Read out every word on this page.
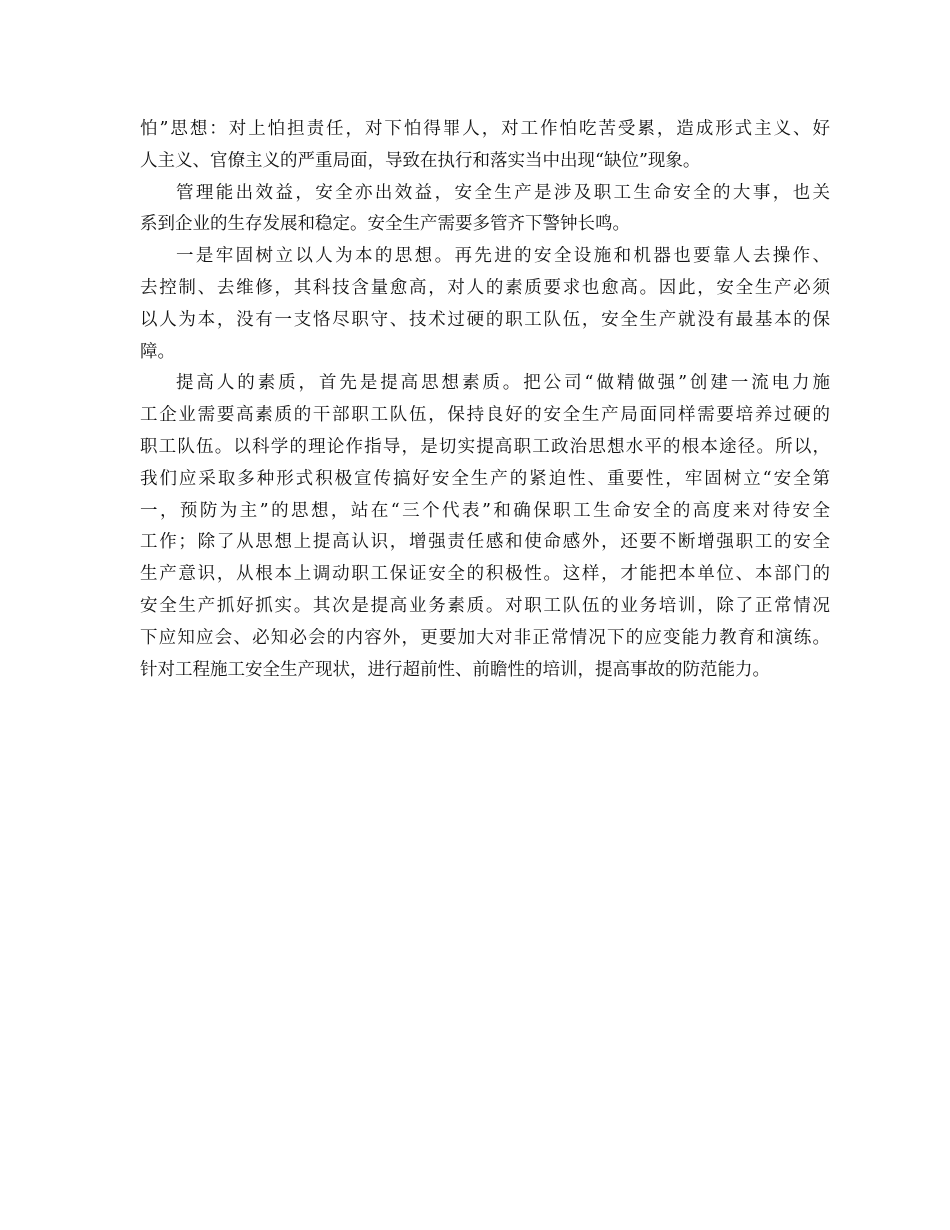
怕”思想：对上怕担责任，对下怕得罪人，对工作怕吃苦受累，造成形式主义、好
人主义、官僚主义的严重局面，导致在执行和落实当中出现“缺位”现象。
管理能出效益，安全亦出效益，安全生产是涉及职工生命安全的大事，也关
系到企业的生存发展和稳定。安全生产需要多管齐下警钟长鸣。
一是牢固树立以人为本的思想。再先进的安全设施和机器也要靠人去操作、
去控制、去维修，其科技含量愈高，对人的素质要求也愈高。因此，安全生产必须
以人为本，没有一支恪尽职守、技术过硬的职工队伍，安全生产就没有最基本的保
障。
提高人的素质，首先是提高思想素质。把公司“做精做强”创建一流电力施
工企业需要高素质的干部职工队伍，保持良好的安全生产局面同样需要培养过硬的
职工队伍。以科学的理论作指导，是切实提高职工政治思想水平的根本途径。所以，
我们应采取多种形式积极宣传搞好安全生产的紧迫性、重要性，牢固树立“安全第
一，预防为主”的思想，站在“三个代表”和确保职工生命安全的高度来对待安全
工作；除了从思想上提高认识，增强责任感和使命感外，还要不断增强职工的安全
生产意识，从根本上调动职工保证安全的积极性。这样，才能把本单位、本部门的
安全生产抓好抓实。其次是提高业务素质。对职工队伍的业务培训，除了正常情况
下应知应会、必知必会的内容外，更要加大对非正常情况下的应变能力教育和演练。
针对工程施工安全生产现状，进行超前性、前瞻性的培训，提高事故的防范能力。
